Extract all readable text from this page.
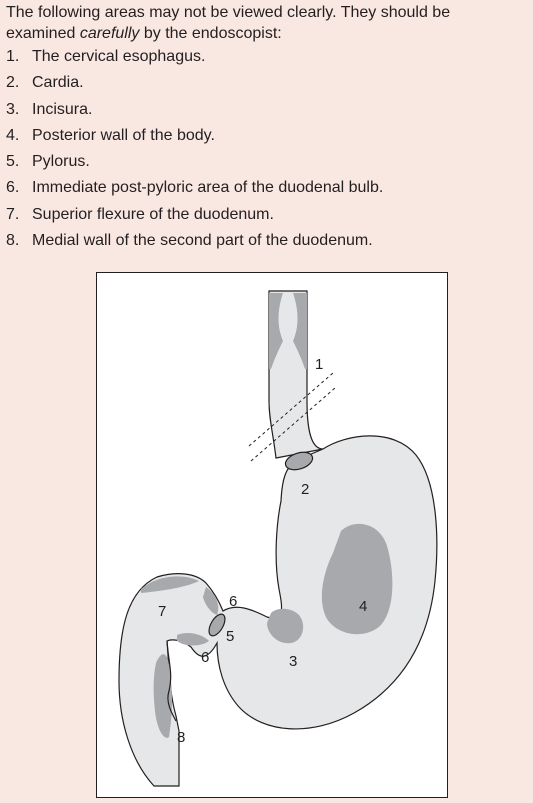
The following areas may not be viewed clearly. They should be
examined carefully by the endoscopist:
1. The cervical esophagus.
2. Cardia.
3. Incisura.
4. Posterior wall of the body.
5. Pylorus.
6. Immediate post-pyloric area of the duodenal bulb.
7. Superior flexure of the duodenum.
8. Medial wall of the second part of the duodenum.
1
2
3
4
5
6
6
7
8
